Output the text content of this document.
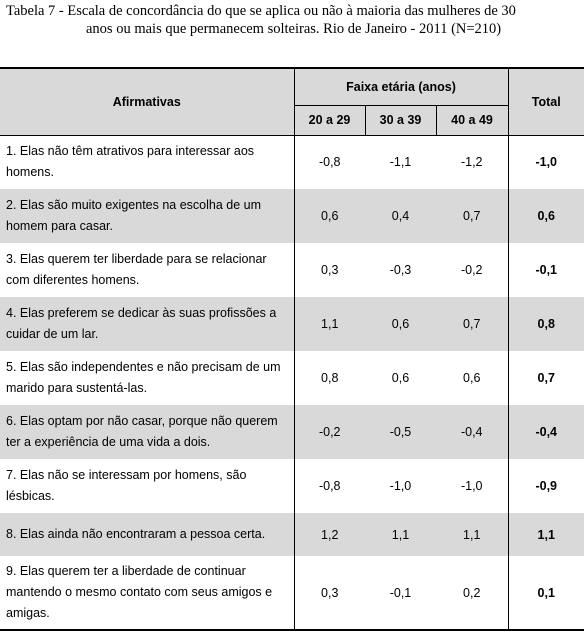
Tabela 7 - Escala de concordância do que se aplica ou não à maioria das mulheres de 30
anos ou mais que permanecem solteiras. Rio de Janeiro - 2011 (N=210)
Afirmativas	Faixa etária (anos)			Total
	20 a 29	30 a 39	40 a 49	
1. Elas não têm atrativos para interessar aos homens.	-0,8	-1,1	-1,2	-1,0
2. Elas são muito exigentes na escolha de um homem para casar.	0,6	0,4	0,7	0,6
3. Elas querem ter liberdade para se relacionar com diferentes homens.	0,3	-0,3	-0,2	-0,1
4. Elas preferem se dedicar às suas profissões a cuidar de um lar.	1,1	0,6	0,7	0,8
5. Elas são independentes e não precisam de um marido para sustentá-las.	0,8	0,6	0,6	0,7
6. Elas optam por não casar, porque não querem ter a experiência de uma vida a dois.	-0,2	-0,5	-0,4	-0,4
7. Elas não se interessam por homens, são lésbicas.	-0,8	-1,0	-1,0	-0,9
8. Elas ainda não encontraram a pessoa certa.	1,2	1,1	1,1	1,1
9. Elas querem ter a liberdade de continuar mantendo o mesmo contato com seus amigos e amigas.	0,3	-0,1	0,2	0,1
